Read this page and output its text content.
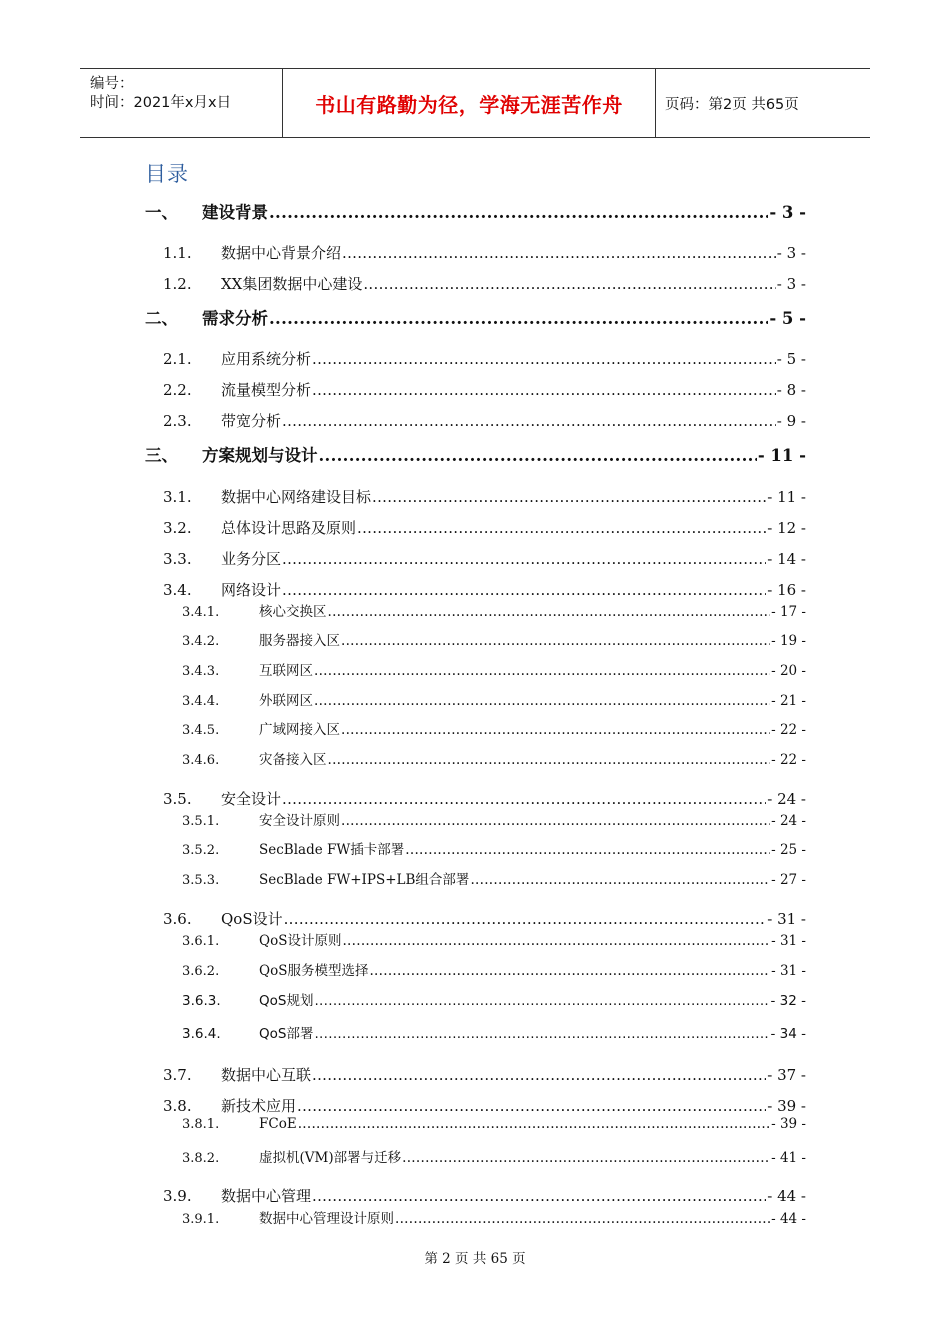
编号：
时间：2021年x月x日	书山有路勤为径，学海无涯苦作舟	页码：第2页 共65页
目录
一、	建设背景 .....	- 3 -
1.1.	数据中心背景介绍 .....	- 3 -
1.2.	XX集团数据中心建设 .....	- 3 -
二、	需求分析 .....	- 5 -
2.1.	应用系统分析 .....	- 5 -
2.2.	流量模型分析 .....	- 8 -
2.3.	带宽分析 .....	- 9 -
三、	方案规划与设计 .....	- 11 -
3.1.	数据中心网络建设目标 .....	- 11 -
3.2.	总体设计思路及原则 .....	- 12 -
3.3.	业务分区 .....	- 14 -
3.4.	网络设计 .....	- 16 -
3.4.1.	核心交换区 .....	- 17 -
3.4.2.	服务器接入区 .....	- 19 -
3.4.3.	互联网区 .....	- 20 -
3.4.4.	外联网区 .....	- 21 -
3.4.5.	广域网接入区 .....	- 22 -
3.4.6.	灾备接入区 .....	- 22 -
3.5.	安全设计 .....	- 24 -
3.5.1.	安全设计原则 .....	- 24 -
3.5.2.	SecBlade FW插卡部署 .....	- 25 -
3.5.3.	SecBlade FW+IPS+LB组合部署 .....	- 27 -
3.6.	QoS设计 .....	- 31 -
3.6.1.	QoS设计原则 .....	- 31 -
3.6.2.	QoS服务模型选择 .....	- 31 -
3.6.3.	QoS规划 .....	- 32 -
3.6.4.	QoS部署 .....	- 34 -
3.7.	数据中心互联 .....	- 37 -
3.8.	新技术应用 .....	- 39 -
3.8.1.	FCoE .....	- 39 -
3.8.2.	虚拟机(VM)部署与迁移 .....	- 41 -
3.9.	数据中心管理 .....	- 44 -
3.9.1.	数据中心管理设计原则 .....	- 44 -
第 2 页 共 65 页
